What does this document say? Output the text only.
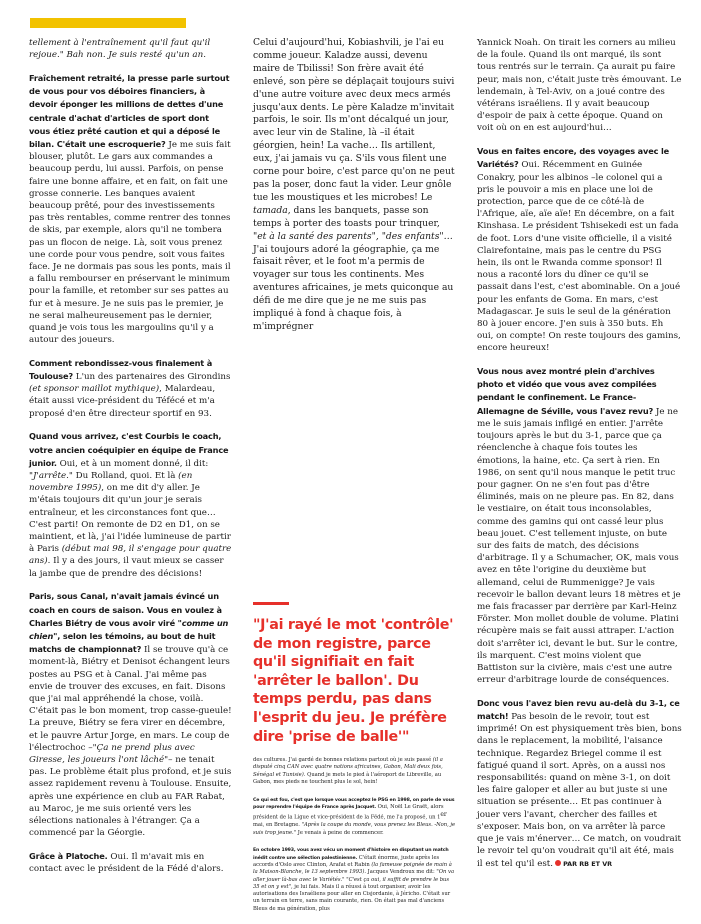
tellement à l'entraînement qu'il faut qu'il rejoue." Bah non. Je suis resté qu'un an.

Fraîchement retraité, la presse parle surtout de vous pour vos déboires financiers, à devoir éponger les millions de dettes d'une centrale d'achat d'articles de sport dont vous étiez prêté caution et qui a déposé le bilan. C'était une escroquerie? Je me suis fait blouser, plutôt. Le gars aux commandes a beaucoup perdu, lui aussi. Parfois, on pense faire une bonne affaire, et en fait, on fait une grosse connerie. Les banques avaient beaucoup prêté, pour des investissements pas très rentables, comme rentrer des tonnes de skis, par exemple, alors qu'il ne tombera pas un flocon de neige. Là, soit vous prenez une corde pour vous pendre, soit vous faites face. Je ne dormais pas sous les ponts, mais il a fallu rembourser en préservant le minimum pour la famille, et retomber sur ses pattes au fur et à mesure. Je ne suis pas le premier, je ne serai malheureusement pas le dernier, quand je vois tous les margoulins qu'il y a autour des joueurs.

Comment rebondissez-vous finalement à Toulouse? L'un des partenaires des Girondins (et sponsor maillot mythique), Malardeau, était aussi vice-président du Téfécé et m'a proposé d'en être directeur sportif en 93.

Quand vous arrivez, c'est Courbis le coach, votre ancien coéquipier en équipe de France junior. Oui, et à un moment donné, il dit: "J'arrête." Du Rolland, quoi. Et là (en novembre 1995), on me dit d'y aller. Je m'étais toujours dit qu'un jour je serais entraîneur, et les circonstances font que… C'est parti! On remonte de D2 en D1, on se maintient, et là, j'ai l'idée lumineuse de partir à Paris (début mai 98, il s'engage pour quatre ans). Il y a des jours, il vaut mieux se casser la jambe que de prendre des décisions!

Paris, sous Canal, n'avait jamais évincé un coach en cours de saison. Vous en voulez à Charles Biétry de vous avoir viré "comme un chien", selon les témoins, au bout de huit matchs de championnat? Il se trouve qu'à ce moment-là, Biétry et Denisot échangent leurs postes au PSG et à Canal. J'ai même pas envie de trouver des excuses, en fait. Disons que j'ai mal appréhendé la chose, voilà. C'était pas le bon moment, trop casse-gueule! La preuve, Biétry se fera virer en décembre, et le pauvre Artur Jorge, en mars. Le coup de l'électrochoc –"Ça ne prend plus avec Giresse, les joueurs l'ont lâché"– ne tenait pas. Le problème était plus profond, et je suis assez rapidement revenu à Toulouse. Ensuite, après une expérience en club au FAR Rabat, au Maroc, je me suis orienté vers les sélections nationales à l'étranger. Ça a commencé par la Géorgie.

Grâce à Platoche. Oui. Il m'avait mis en contact avec le président de la Fédé d'alors.

Celui d'aujourd'hui, Kobiashvili, je l'ai eu comme joueur. Kaladze aussi, devenu maire de Tbilissi! Son frère avait été enlevé, son père se déplaçait toujours suivi d'une autre voiture avec deux mecs armés jusqu'aux dents. Le père Kaladze m'invitait parfois, le soir. Ils m'ont décalqué un jour, avec leur vin de Staline, là –il était géorgien, hein! La vache… Ils artillent, eux, j'ai jamais vu ça. S'ils vous filent une corne pour boire, c'est parce qu'on ne peut pas la poser, donc faut la vider. Leur gnôle tue les moustiques et les microbes! Le tamada, dans les banquets, passe son temps à porter des toasts pour trinquer, "et à la santé des parents", "des enfants"… J'ai toujours adoré la géographie, ça me faisait rêver, et le foot m'a permis de voyager sur tous les continents. Mes aventures africaines, je mets quiconque au défi de me dire que je ne me suis pas impliqué à fond à chaque fois, à m'imprégner

"J'ai rayé le mot 'contrôle' de mon registre, parce qu'il signifiait en fait 'arrêter le ballon'. Du temps perdu, pas dans l'esprit du jeu. Je préfère dire 'prise de balle'"

des cultures. J'ai gardé de bonnes relations partout où je suis passé (il a disputé cinq CAN avec quatre nations africaines, Gabon, Mali deux fois, Sénégal et Tunisie). Quand je mets le pied à l'aéroport de Libreville, au Gabon, mes pieds ne touchent plus le sol, hein!

Ce qui est fou, c'est que lorsque vous acceptez le PSG en 1998, on parle de vous pour reprendre l'équipe de France après Jacquet. Oui, Noël Le Graët, alors président de la Ligue et vice-président de la Fédé, me l'a proposé, un 1er mai, en Bretagne. "Après la coupe du monde, vous prenez les Bleus. -Non, je suis trop jeune." Je venais à peine de commencer.

En octobre 1993, vous avez vécu un moment d'histoire en disputant un match inédit contre une sélection palestinienne. C'était énorme, juste après les accords d'Oslo avec Clinton, Arafat et Rabin (la fameuse poignée de main à la Maison-Blanche, le 13 septembre 1993). Jacques Vendroux me dit: "On va aller jouer là-bas avec le Variétés." "C'est ça oui, il suffit de prendre le bus 35 et on y est", je lui fais. Mais il a réussi à tout organiser, avoir les autorisations des Israéliens pour aller en Cisjordanie, à Jéricho. C'était sur un terrain en terre, sans main courante, rien. On était pas mal d'anciens Bleus de ma génération, plus

Yannick Noah. On tirait les corners au milieu de la foule. Quand ils ont marqué, ils sont tous rentrés sur le terrain. Ça aurait pu faire peur, mais non, c'était juste très émouvant. Le lendemain, à Tel-Aviv, on a joué contre des vétérans israéliens. Il y avait beaucoup d'espoir de paix à cette époque. Quand on voit où on en est aujourd'hui…

Vous en faites encore, des voyages avec le Variétés? Oui. Récemment en Guinée Conakry, pour les albinos –le colonel qui a pris le pouvoir a mis en place une loi de protection, parce que de ce côté-là de l'Afrique, aïe, aïe aïe! En décembre, on a fait Kinshasa. Le président Tshisekedi est un fada de foot. Lors d'une visite officielle, il a visité Clairefontaine, mais pas le centre du PSG hein, ils ont le Rwanda comme sponsor! Il nous a raconté lors du dîner ce qu'il se passait dans l'est, c'est abominable. On a joué pour les enfants de Goma. En mars, c'est Madagascar. Je suis le seul de la génération 80 à jouer encore. J'en suis à 350 buts. Eh oui, on compte! On reste toujours des gamins, encore heureux!

Vous nous avez montré plein d'archives photo et vidéo que vous avez compilées pendant le confinement. Le France-Allemagne de Séville, vous l'avez revu? Je ne me le suis jamais infligé en entier. J'arrête toujours après le but du 3-1, parce que ça réenclenche à chaque fois toutes les émotions, la haine, etc. Ça sert à rien. En 1986, on sent qu'il nous manque le petit truc pour gagner. On ne s'en fout pas d'être éliminés, mais on ne pleure pas. En 82, dans le vestiaire, on était tous inconsolables, comme des gamins qui ont cassé leur plus beau jouet. C'est tellement injuste, on bute sur des faits de match, des décisions d'arbitrage. Il y a Schumacher, OK, mais vous avez en tête l'origine du deuxième but allemand, celui de Rummenigge? Je vais recevoir le ballon devant leurs 18 mètres et je me fais fracasser par derrière par Karl-Heinz Förster. Mon mollet double de volume. Platini récupère mais se fait aussi attraper. L'action doit s'arrêter ici, devant le but. Sur le contre, ils marquent. C'est moins violent que Battiston sur la civière, mais c'est une autre erreur d'arbitrage lourde de conséquences.

Donc vous l'avez bien revu au-delà du 3-1, ce match! Pas besoin de le revoir, tout est imprimé! On est physiquement très bien, bons dans le replacement, la mobilité, l'aisance technique. Regardez Briegel comme il est fatigué quand il sort. Après, on a aussi nos responsabilités: quand on mène 3-1, on doit les faire galoper et aller au but juste si une situation se présente… Et pas continuer à jouer vers l'avant, chercher des failles et s'exposer. Mais bon, on va arrêter là parce que je vais m'énerver… Ce match, on voudrait le revoir tel qu'on voudrait qu'il ait été, mais il est tel qu'il est. PAR RB ET VR
